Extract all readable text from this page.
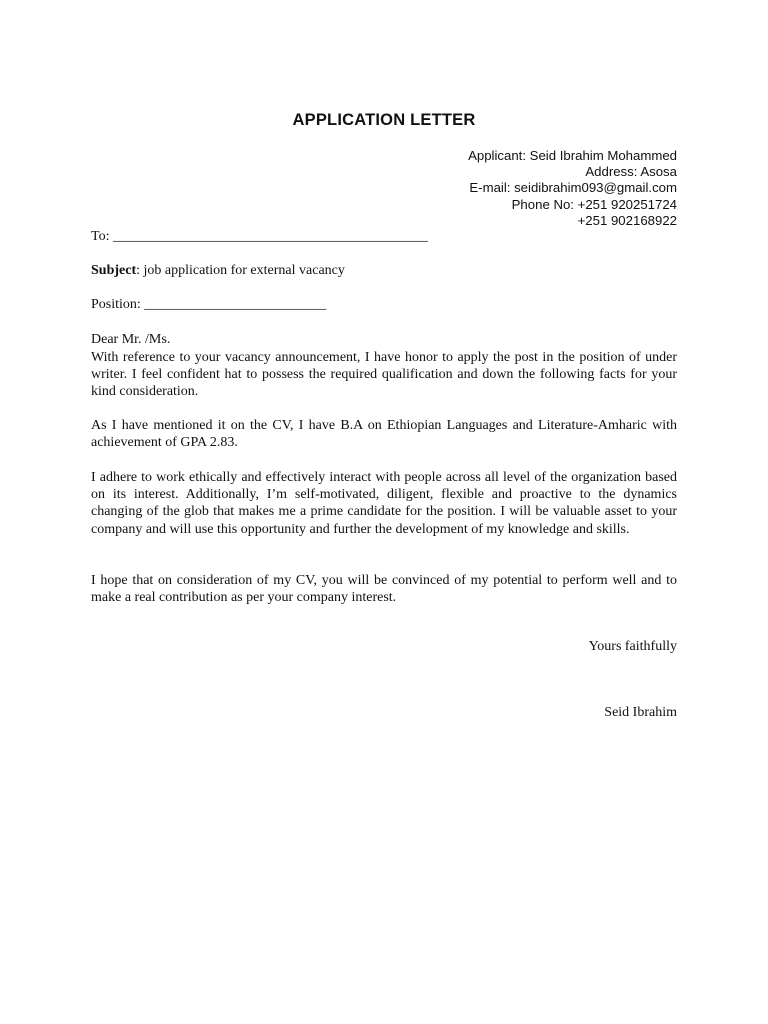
APPLICATION LETTER
Applicant: Seid Ibrahim Mohammed
Address: Asosa
E-mail: seidibrahim093@gmail.com
Phone No: +251 920251724
+251 902168922
To: _____________________________________________
Subject: job application for external vacancy
Position: __________________________
Dear Mr. /Ms.
With reference to your vacancy announcement, I have honor to apply the post in the position of under writer. I feel confident hat to possess the required qualification and down the following facts for your kind consideration.
As I have mentioned it on the CV, I have B.A on Ethiopian Languages and Literature-Amharic with achievement of GPA 2.83.
I adhere to work ethically and effectively interact with people across all level of the organization based on its interest. Additionally, I’m self-motivated, diligent, flexible and proactive to the dynamics changing of the glob that makes me a prime candidate for the position. I will be valuable asset to your company and will use this opportunity and further the development of my knowledge and skills.
I hope that on consideration of my CV, you will be convinced of my potential to perform well and to make a real contribution as per your company interest.
Yours faithfully
Seid Ibrahim
